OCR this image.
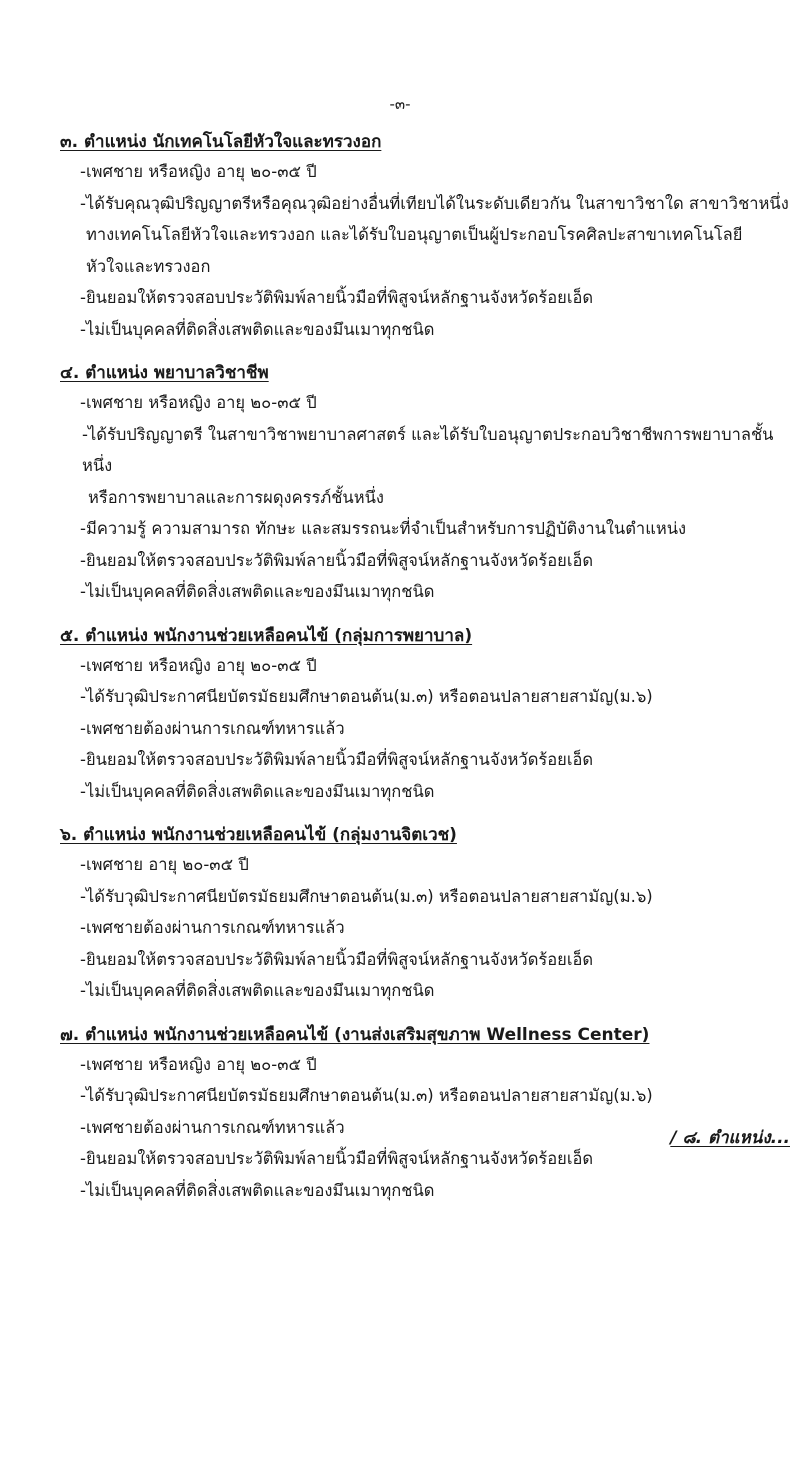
-๓-
๓. ตำแหน่ง นักเทคโนโลยีหัวใจและทรวงอก
-เพศชาย หรือหญิง อายุ ๒๐-๓๕ ปี
-ได้รับคุณวุฒิปริญญาตรีหรือคุณวุฒิอย่างอื่นที่เทียบได้ในระดับเดียวกัน ในสาขาวิชาใด สาขาวิชาหนึ่ง
ทางเทคโนโลยีหัวใจและทรวงอก และได้รับใบอนุญาตเป็นผู้ประกอบโรคศิลปะสาขาเทคโนโลยี
หัวใจและทรวงอก
-ยินยอมให้ตรวจสอบประวัติพิมพ์ลายนิ้วมือที่พิสูจน์หลักฐานจังหวัดร้อยเอ็ด
-ไม่เป็นบุคคลที่ติดสิ่งเสพติดและของมึนเมาทุกชนิด
๔. ตำแหน่ง พยาบาลวิชาชีพ
-เพศชาย หรือหญิง อายุ ๒๐-๓๕ ปี
-ได้รับปริญญาตรี ในสาขาวิชาพยาบาลศาสตร์ และได้รับใบอนุญาตประกอบวิชาชีพการพยาบาลชั้นหนึ่ง
หรือการพยาบาลและการผดุงครรภ์ชั้นหนึ่ง
-มีความรู้ ความสามารถ ทักษะ และสมรรถนะที่จำเป็นสำหรับการปฏิบัติงานในตำแหน่ง
-ยินยอมให้ตรวจสอบประวัติพิมพ์ลายนิ้วมือที่พิสูจน์หลักฐานจังหวัดร้อยเอ็ด
-ไม่เป็นบุคคลที่ติดสิ่งเสพติดและของมึนเมาทุกชนิด
๕. ตำแหน่ง พนักงานช่วยเหลือคนไข้ (กลุ่มการพยาบาล)
-เพศชาย หรือหญิง อายุ ๒๐-๓๕ ปี
-ได้รับวุฒิประกาศนียบัตรมัธยมศึกษาตอนต้น(ม.๓) หรือตอนปลายสายสามัญ(ม.๖)
-เพศชายต้องผ่านการเกณฑ์ทหารแล้ว
-ยินยอมให้ตรวจสอบประวัติพิมพ์ลายนิ้วมือที่พิสูจน์หลักฐานจังหวัดร้อยเอ็ด
-ไม่เป็นบุคคลที่ติดสิ่งเสพติดและของมึนเมาทุกชนิด
๖. ตำแหน่ง พนักงานช่วยเหลือคนไข้ (กลุ่มงานจิตเวช)
-เพศชาย อายุ ๒๐-๓๕ ปี
-ได้รับวุฒิประกาศนียบัตรมัธยมศึกษาตอนต้น(ม.๓) หรือตอนปลายสายสามัญ(ม.๖)
-เพศชายต้องผ่านการเกณฑ์ทหารแล้ว
-ยินยอมให้ตรวจสอบประวัติพิมพ์ลายนิ้วมือที่พิสูจน์หลักฐานจังหวัดร้อยเอ็ด
-ไม่เป็นบุคคลที่ติดสิ่งเสพติดและของมึนเมาทุกชนิด
๗. ตำแหน่ง พนักงานช่วยเหลือคนไข้ (งานส่งเสริมสุขภาพ Wellness Center)
-เพศชาย หรือหญิง อายุ ๒๐-๓๕ ปี
-ได้รับวุฒิประกาศนียบัตรมัธยมศึกษาตอนต้น(ม.๓) หรือตอนปลายสายสามัญ(ม.๖)
-เพศชายต้องผ่านการเกณฑ์ทหารแล้ว
-ยินยอมให้ตรวจสอบประวัติพิมพ์ลายนิ้วมือที่พิสูจน์หลักฐานจังหวัดร้อยเอ็ด
-ไม่เป็นบุคคลที่ติดสิ่งเสพติดและของมึนเมาทุกชนิด
/ ๘. ตำแหน่ง...
